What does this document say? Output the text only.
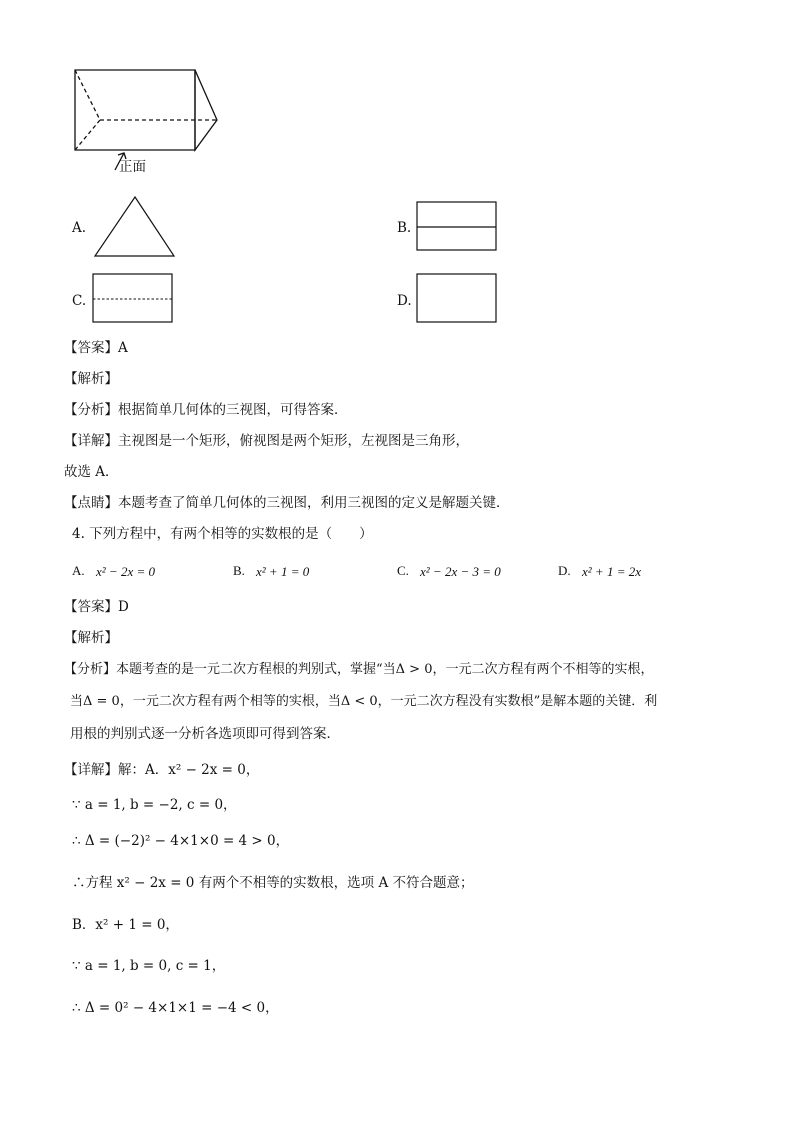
正面
A.	B.
C.	D.
【答案】A
【解析】
【分析】根据简单几何体的三视图，可得答案．
【详解】主视图是一个矩形，俯视图是两个矩形，左视图是三角形，
故选 A．
【点睛】本题考查了简单几何体的三视图，利用三视图的定义是解题关键．
4. 下列方程中，有两个相等的实数根的是（　　）
A. x² − 2x = 0	B. x² + 1 = 0	C. x² − 2x − 3 = 0	D. x² + 1 = 2x
【答案】D
【解析】
【分析】本题考查的是一元二次方程根的判别式，掌握“当Δ > 0，一元二次方程有两个不相等的实根，
当Δ = 0，一元二次方程有两个相等的实根，当Δ < 0，一元二次方程没有实数根”是解本题的关键．利
用根的判别式逐一分析各选项即可得到答案．
【详解】解：A．x² − 2x = 0，
∵ a = 1, b = −2, c = 0，
∴ Δ = (−2)² − 4×1×0 = 4 > 0，
∴方程 x² − 2x = 0 有两个不相等的实数根，选项 A 不符合题意；
B．x² + 1 = 0，
∵ a = 1, b = 0, c = 1，
∴ Δ = 0² − 4×1×1 = −4 < 0，
